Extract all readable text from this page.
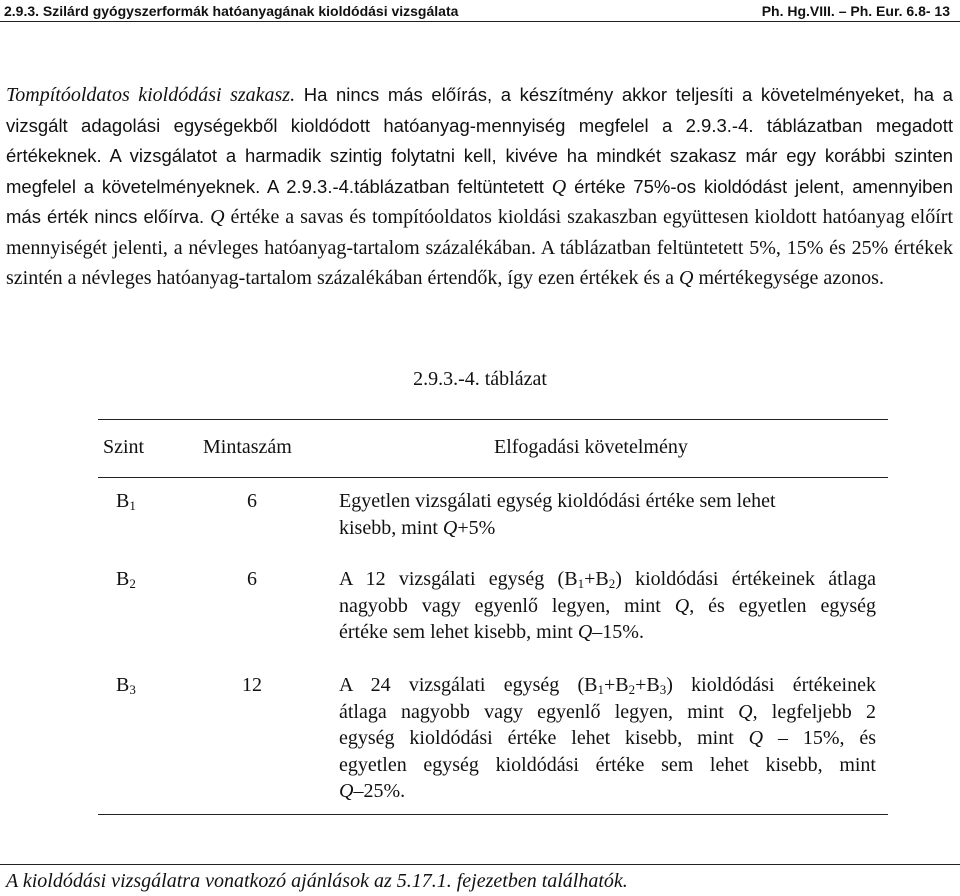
2.9.3. Szilárd gyógyszerformák hatóanyagának kioldódási vizsgálata	Ph. Hg.VIII. – Ph. Eur. 6.8- 13
Tompítóoldatos kioldódási szakasz. Ha nincs más előírás, a készítmény akkor teljesíti a követelményeket, ha a vizsgált adagolási egységekből kioldódott hatóanyag-mennyiség megfelel a 2.9.3.-4. táblázatban megadott értékeknek. A vizsgálatot a harmadik szintig folytatni kell, kivéve ha mindkét szakasz már egy korábbi szinten megfelel a követelményeknek. A 2.9.3.-4.táblázatban feltüntetett Q értéke 75%-os kioldódást jelent, amennyiben más érték nincs előírva. Q értéke a savas és tompítóoldatos kioldási szakaszban együttesen kioldott hatóanyag előírt mennyiségét jelenti, a névleges hatóanyag-tartalom százalékában. A táblázatban feltüntetett 5%, 15% és 25% értékek szintén a névleges hatóanyag-tartalom százalékában értendők, így ezen értékek és a Q mértékegysége azonos.
2.9.3.-4. táblázat
Szint	Mintaszám	Elfogadási követelmény
$B_1$	6	Egyetlen vizsgálati egység kioldódási értéke sem lehet
kisebb, mint Q+5%
$B_2$	6	A 12 vizsgálati egység $(B_1+B_2)$ kioldódási értékeinek átlaga
nagyobb vagy egyenlő legyen, mint Q, és egyetlen egység
értéke sem lehet kisebb, mint Q–15%.
$B_3$	12	A 24 vizsgálati egység $(B_1+B_2+B_3)$ kioldódási értékeinek
átlaga nagyobb vagy egyenlő legyen, mint Q, legfeljebb 2
egység kioldódási értéke lehet kisebb, mint Q – 15%, és
egyetlen egység kioldódási értéke sem lehet kisebb, mint
Q–25%.
A kioldódási vizsgálatra vonatkozó ajánlások az 5.17.1. fejezetben találhatók.
